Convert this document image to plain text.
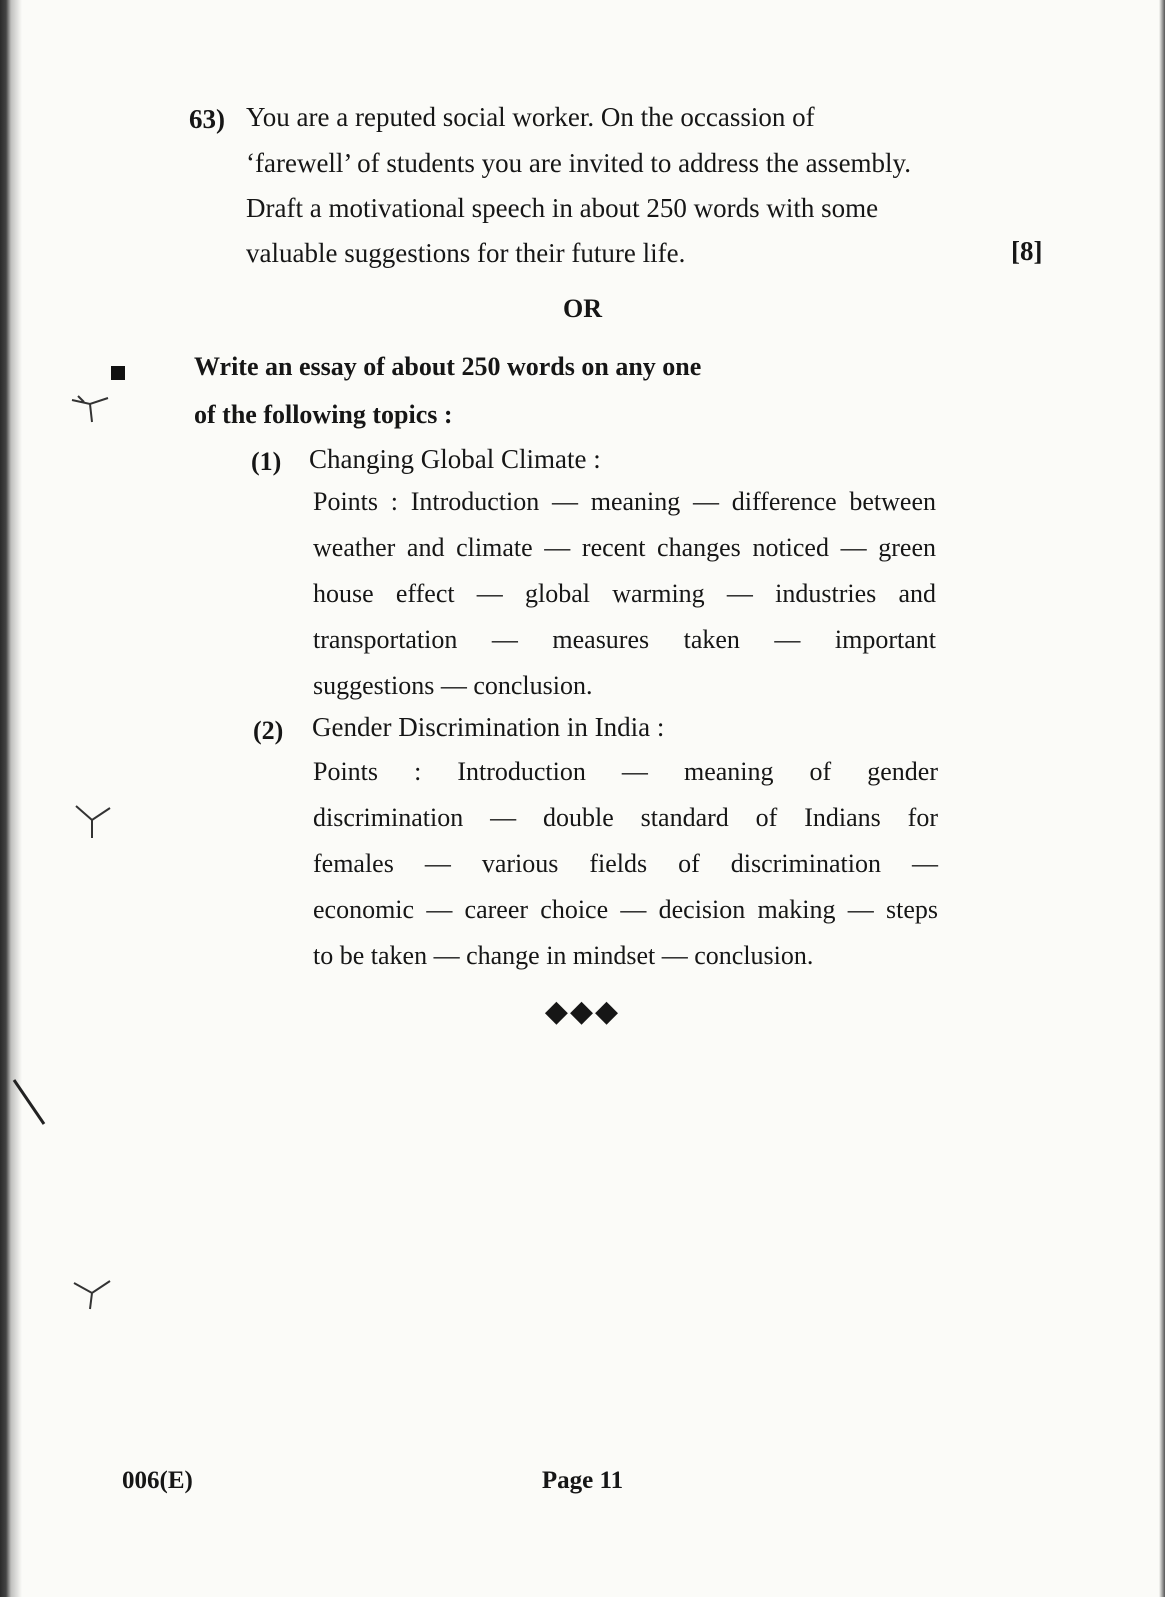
63) You are a reputed social worker. On the occassion of
‘farewell’ of students you are invited to address the assembly.
Draft a motivational speech in about 250 words with some
valuable suggestions for their future life.	[8]
OR
Write an essay of about 250 words on any one
of the following topics :
(1) Changing Global Climate :
Points : Introduction — meaning — difference between
weather and climate — recent changes noticed — green
house effect — global warming — industries and
transportation — measures taken — important
suggestions — conclusion.
(2) Gender Discrimination in India :
Points : Introduction — meaning of gender
discrimination — double standard of Indians for
females — various fields of discrimination —
economic — career choice — decision making — steps
to be taken — change in mindset — conclusion.
◆◆◆
006(E)	Page 11
